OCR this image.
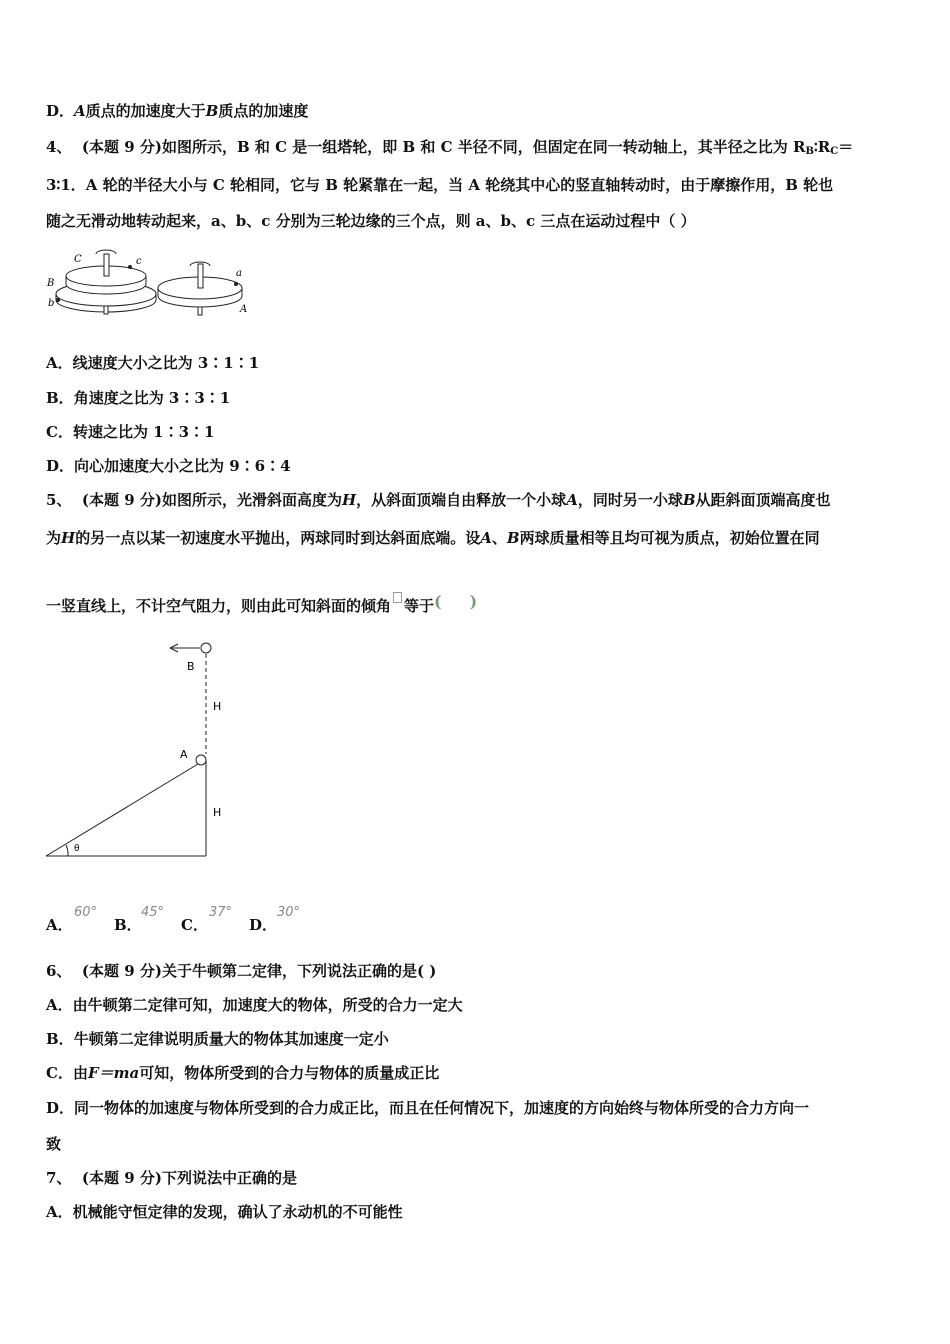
D．A质点的加速度大于B质点的加速度
4、 (本题 9 分)如图所示，B 和 C 是一组塔轮，即 B 和 C 半径不同，但固定在同一转动轴上，其半径之比为 $R_B∶R_C=$
3∶1．A 轮的半径大小与 C 轮相同，它与 B 轮紧靠在一起，当 A 轮绕其中心的竖直轴转动时，由于摩擦作用，B 轮也
随之无滑动地转动起来，a、b、c 分别为三轮边缘的三个点，则 a、b、c 三点在运动过程中（ ）
C	c
B
b
a
A
A．线速度大小之比为 3∶1∶1
B．角速度之比为 3∶3∶1
C．转速之比为 1∶3∶1
D．向心加速度大小之比为 9∶6∶4
5、 (本题 9 分)如图所示，光滑斜面高度为H，从斜面顶端自由释放一个小球A，同时另一小球B从距斜面顶端高度也
为H的另一点以某一初速度水平抛出，两球同时到达斜面底端。设A、B两球质量相等且均可视为质点，初始位置在同
一竖直线上，不计空气阻力，则由此可知斜面的倾角 等于()
B
H
A
H
θ
A．
60°
B．
45°
C．
37°
D．
30°
6、 (本题 9 分)关于牛顿第二定律，下列说法正确的是( )
A．由牛顿第二定律可知，加速度大的物体，所受的合力一定大
B．牛顿第二定律说明质量大的物体其加速度一定小
C．由F＝ma可知，物体所受到的合力与物体的质量成正比
D．同一物体的加速度与物体所受到的合力成正比，而且在任何情况下，加速度的方向始终与物体所受的合力方向一
致
7、 (本题 9 分)下列说法中正确的是
A．机械能守恒定律的发现，确认了永动机的不可能性
